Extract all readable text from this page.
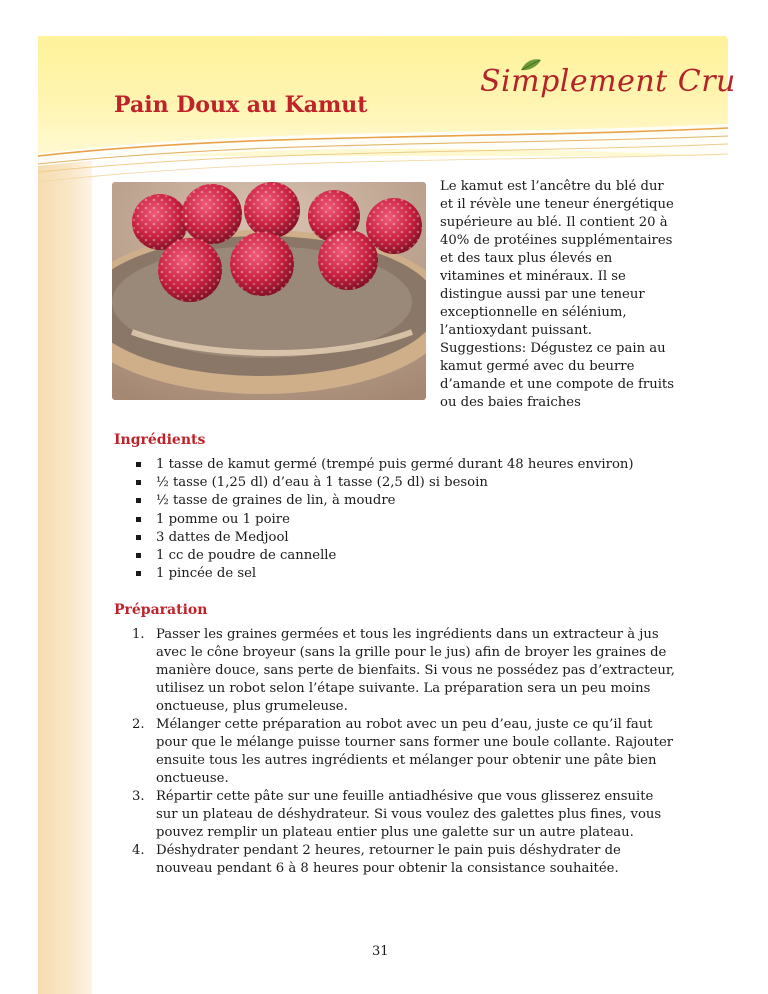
Pain Doux au Kamut
Simplement Cru

Le kamut est l’ancêtre du blé dur et il révèle une teneur énergétique supérieure au blé. Il contient 20 à 40% de protéines supplémentaires et des taux plus élevés en vitamines et minéraux. Il se distingue aussi par une teneur exceptionnelle en sélénium, l’antioxydant puissant. Suggestions: Dégustez ce pain au kamut germé avec du beurre d’amande et une compote de fruits ou des baies fraiches

Ingrédients
1 tasse de kamut germé (trempé puis germé durant 48 heures environ)
½ tasse (1,25 dl) d’eau à 1 tasse (2,5 dl) si besoin
½ tasse de graines de lin, à moudre
1 pomme ou 1 poire
3 dattes de Medjool
1 cc de poudre de cannelle
1 pincée de sel
Préparation
1. Passer les graines germées et tous les ingrédients dans un extracteur à jus avec le cône broyeur (sans la grille pour le jus) afin de broyer les graines de manière douce, sans perte de bienfaits. Si vous ne possédez pas d’extracteur, utilisez un robot selon l’étape suivante. La préparation sera un peu moins onctueuse, plus grumeleuse.
2. Mélanger cette préparation au robot avec un peu d’eau, juste ce qu’il faut pour que le mélange puisse tourner sans former une boule collante. Rajouter ensuite tous les autres ingrédients et mélanger pour obtenir une pâte bien onctueuse.
3. Répartir cette pâte sur une feuille antiadhésive que vous glisserez ensuite sur un plateau de déshydrateur. Si vous voulez des galettes plus fines, vous pouvez remplir un plateau entier plus une galette sur un autre plateau.
4. Déshydrater pendant 2 heures, retourner le pain puis déshydrater de nouveau pendant 6 à 8 heures pour obtenir la consistance souhaitée.
31
